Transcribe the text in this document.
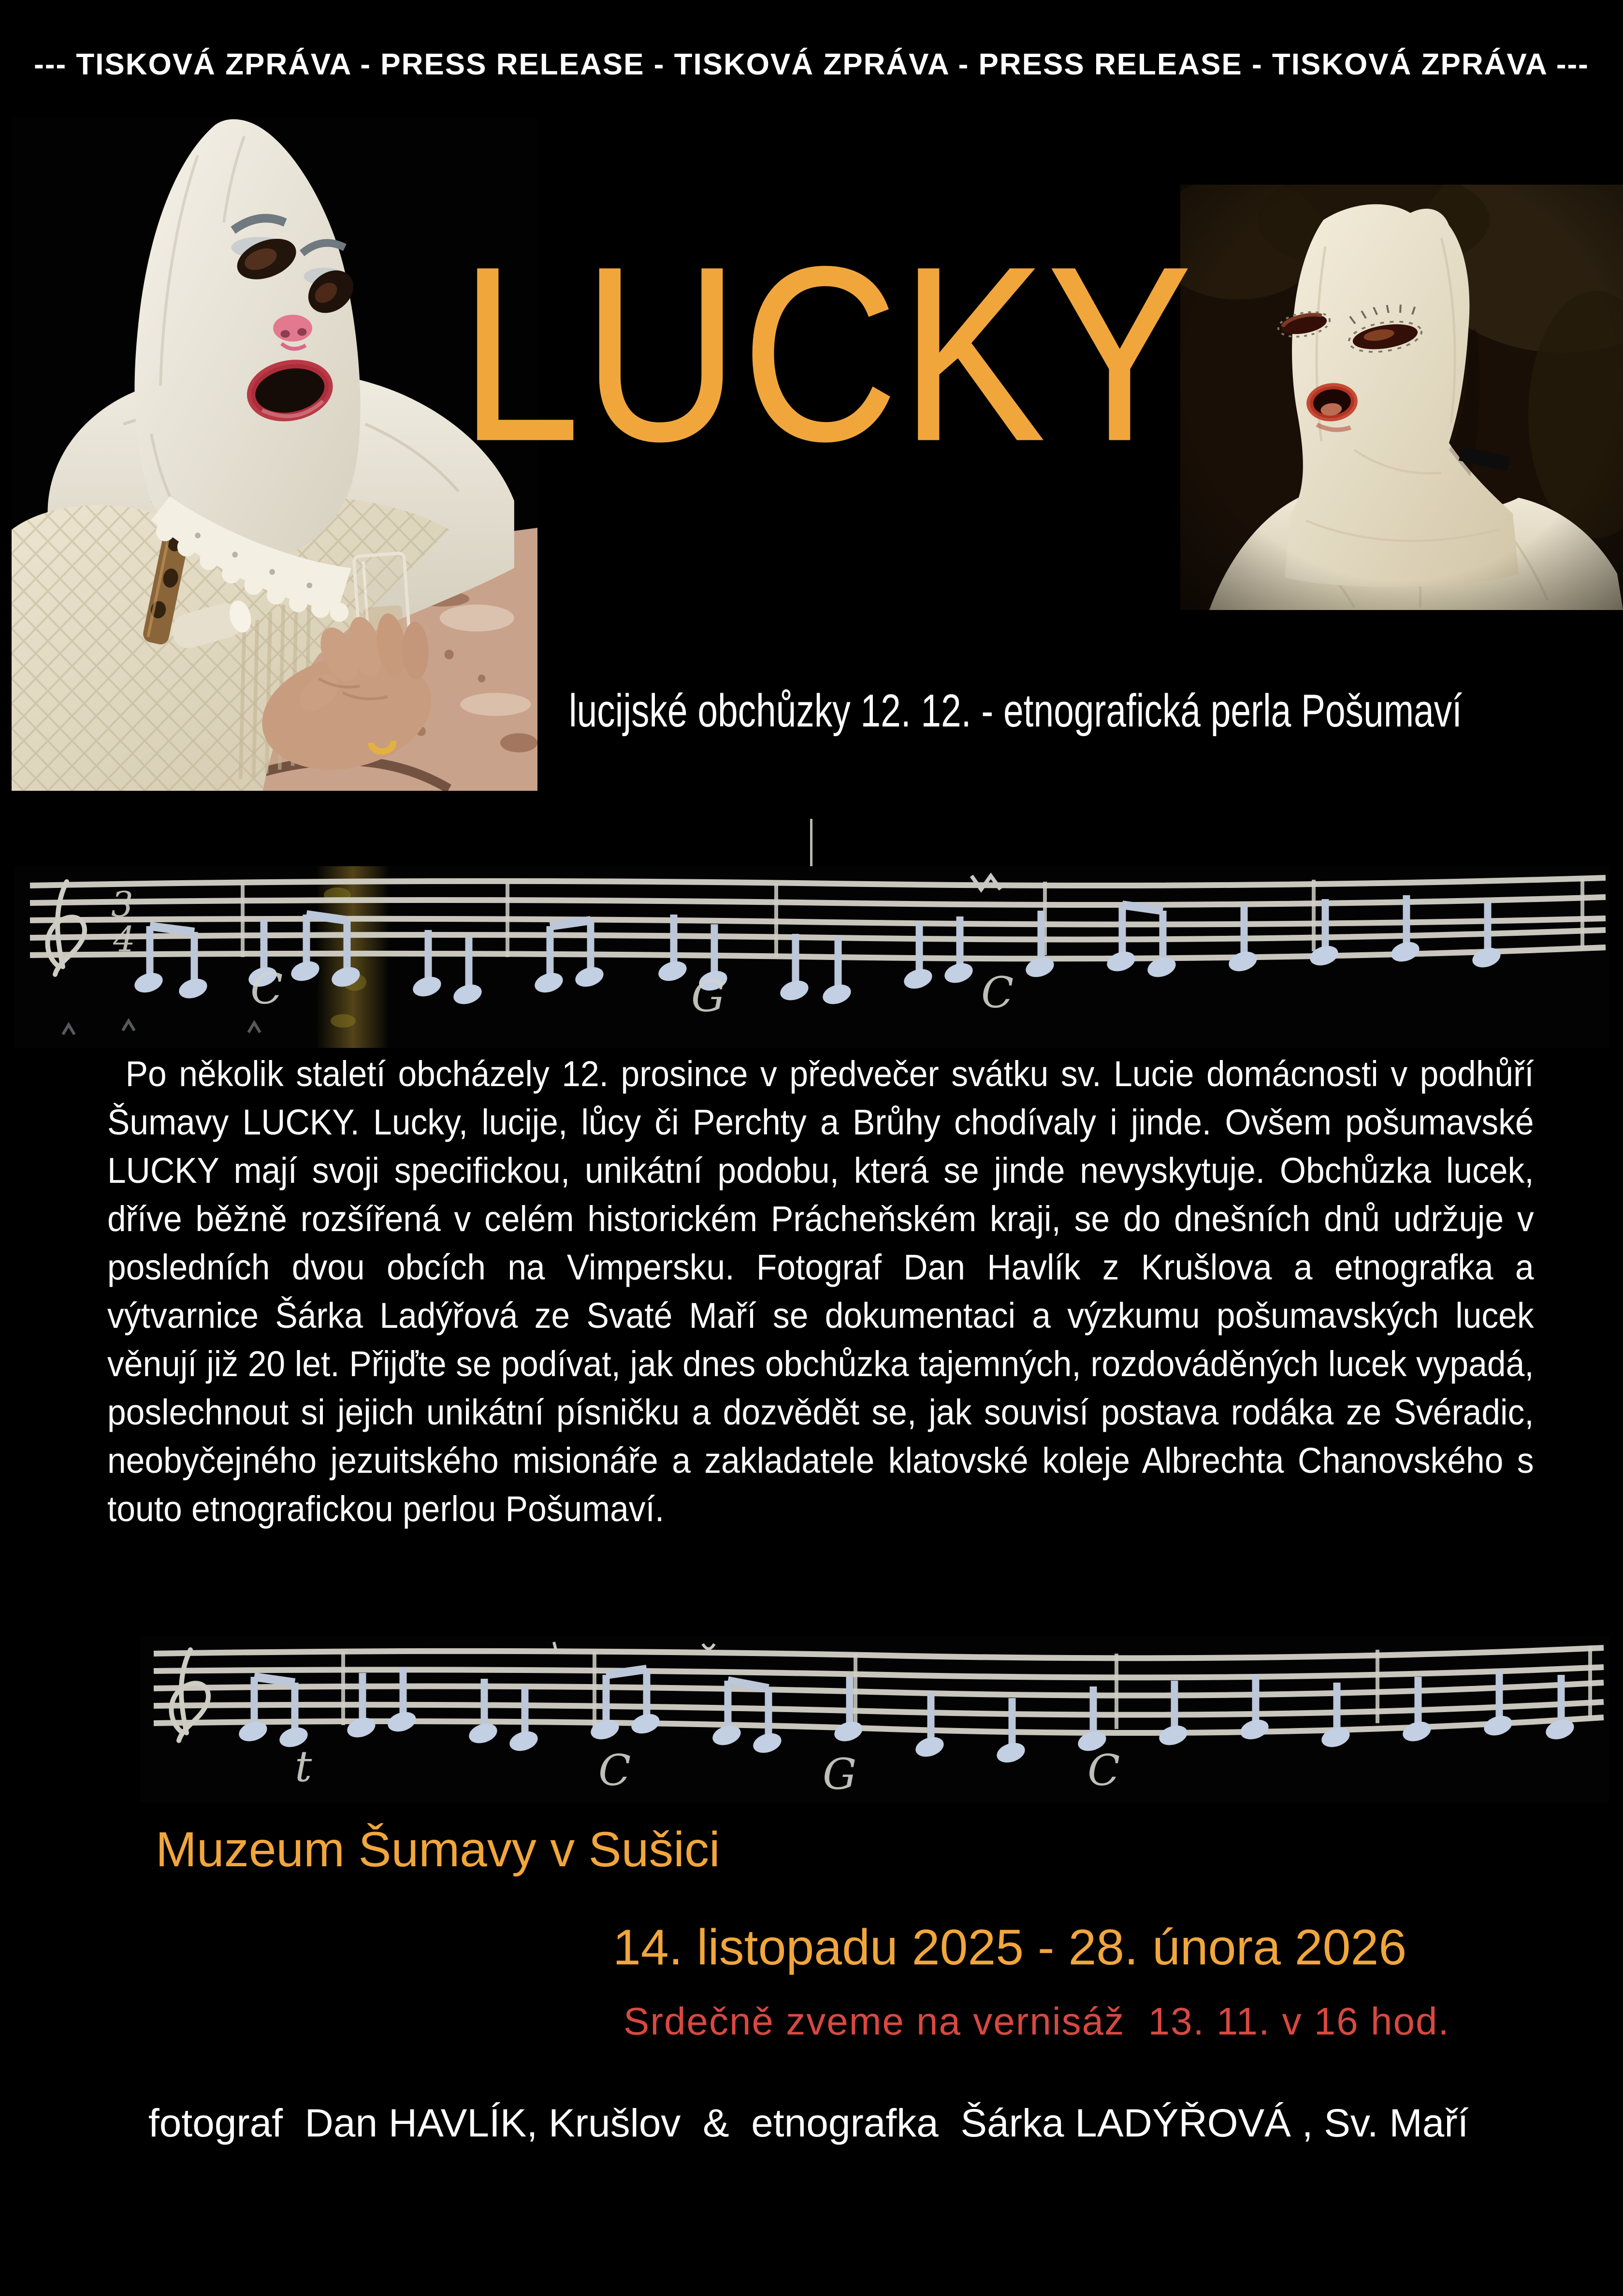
--- TISKOVÁ ZPRÁVA - PRESS RELEASE - TISKOVÁ ZPRÁVA - PRESS RELEASE - TISKOVÁ ZPRÁVA ---
LUCKY
lucijské obchůzky 12. 12. - etnografická perla Pošumaví
3
4
C	G	C
Po několik staletí obcházely 12. prosince v předvečer svátku sv. Lucie domácnosti v podhůří Šumavy LUCKY. Lucky, lucije, lůcy či Perchty a Brůhy chodívaly i jinde. Ovšem pošumavské LUCKY mají svoji specifickou, unikátní podobu, která se jinde nevyskytuje. Obchůzka lucek, dříve běžně rozšířená v celém historickém Prácheňském kraji, se do dnešních dnů udržuje v posledních dvou obcích na Vimpersku. Fotograf Dan Havlík z Krušlova a etnografka a výtvarnice Šárka Ladýřová ze Svaté Maří se dokumentaci a výzkumu pošumavských lucek věnují již 20 let. Přijďte se podívat, jak dnes obchůzka tajemných, rozdováděných lucek vypadá, poslechnout si jejich unikátní písničku a dozvědět se, jak souvisí postava rodáka ze Svéradic, neobyčejného jezuitského misionáře a zakladatele klatovské koleje Albrechta Chanovského s touto etnografickou perlou Pošumaví.
t	C	G	C
Muzeum Šumavy v Sušici
14. listopadu 2025 - 28. února 2026
Srdečně zveme na vernisáž  13. 11. v 16 hod.
fotograf  Dan HAVLÍK, Krušlov  &  etnografka  Šárka LADÝŘOVÁ , Sv. Maří
